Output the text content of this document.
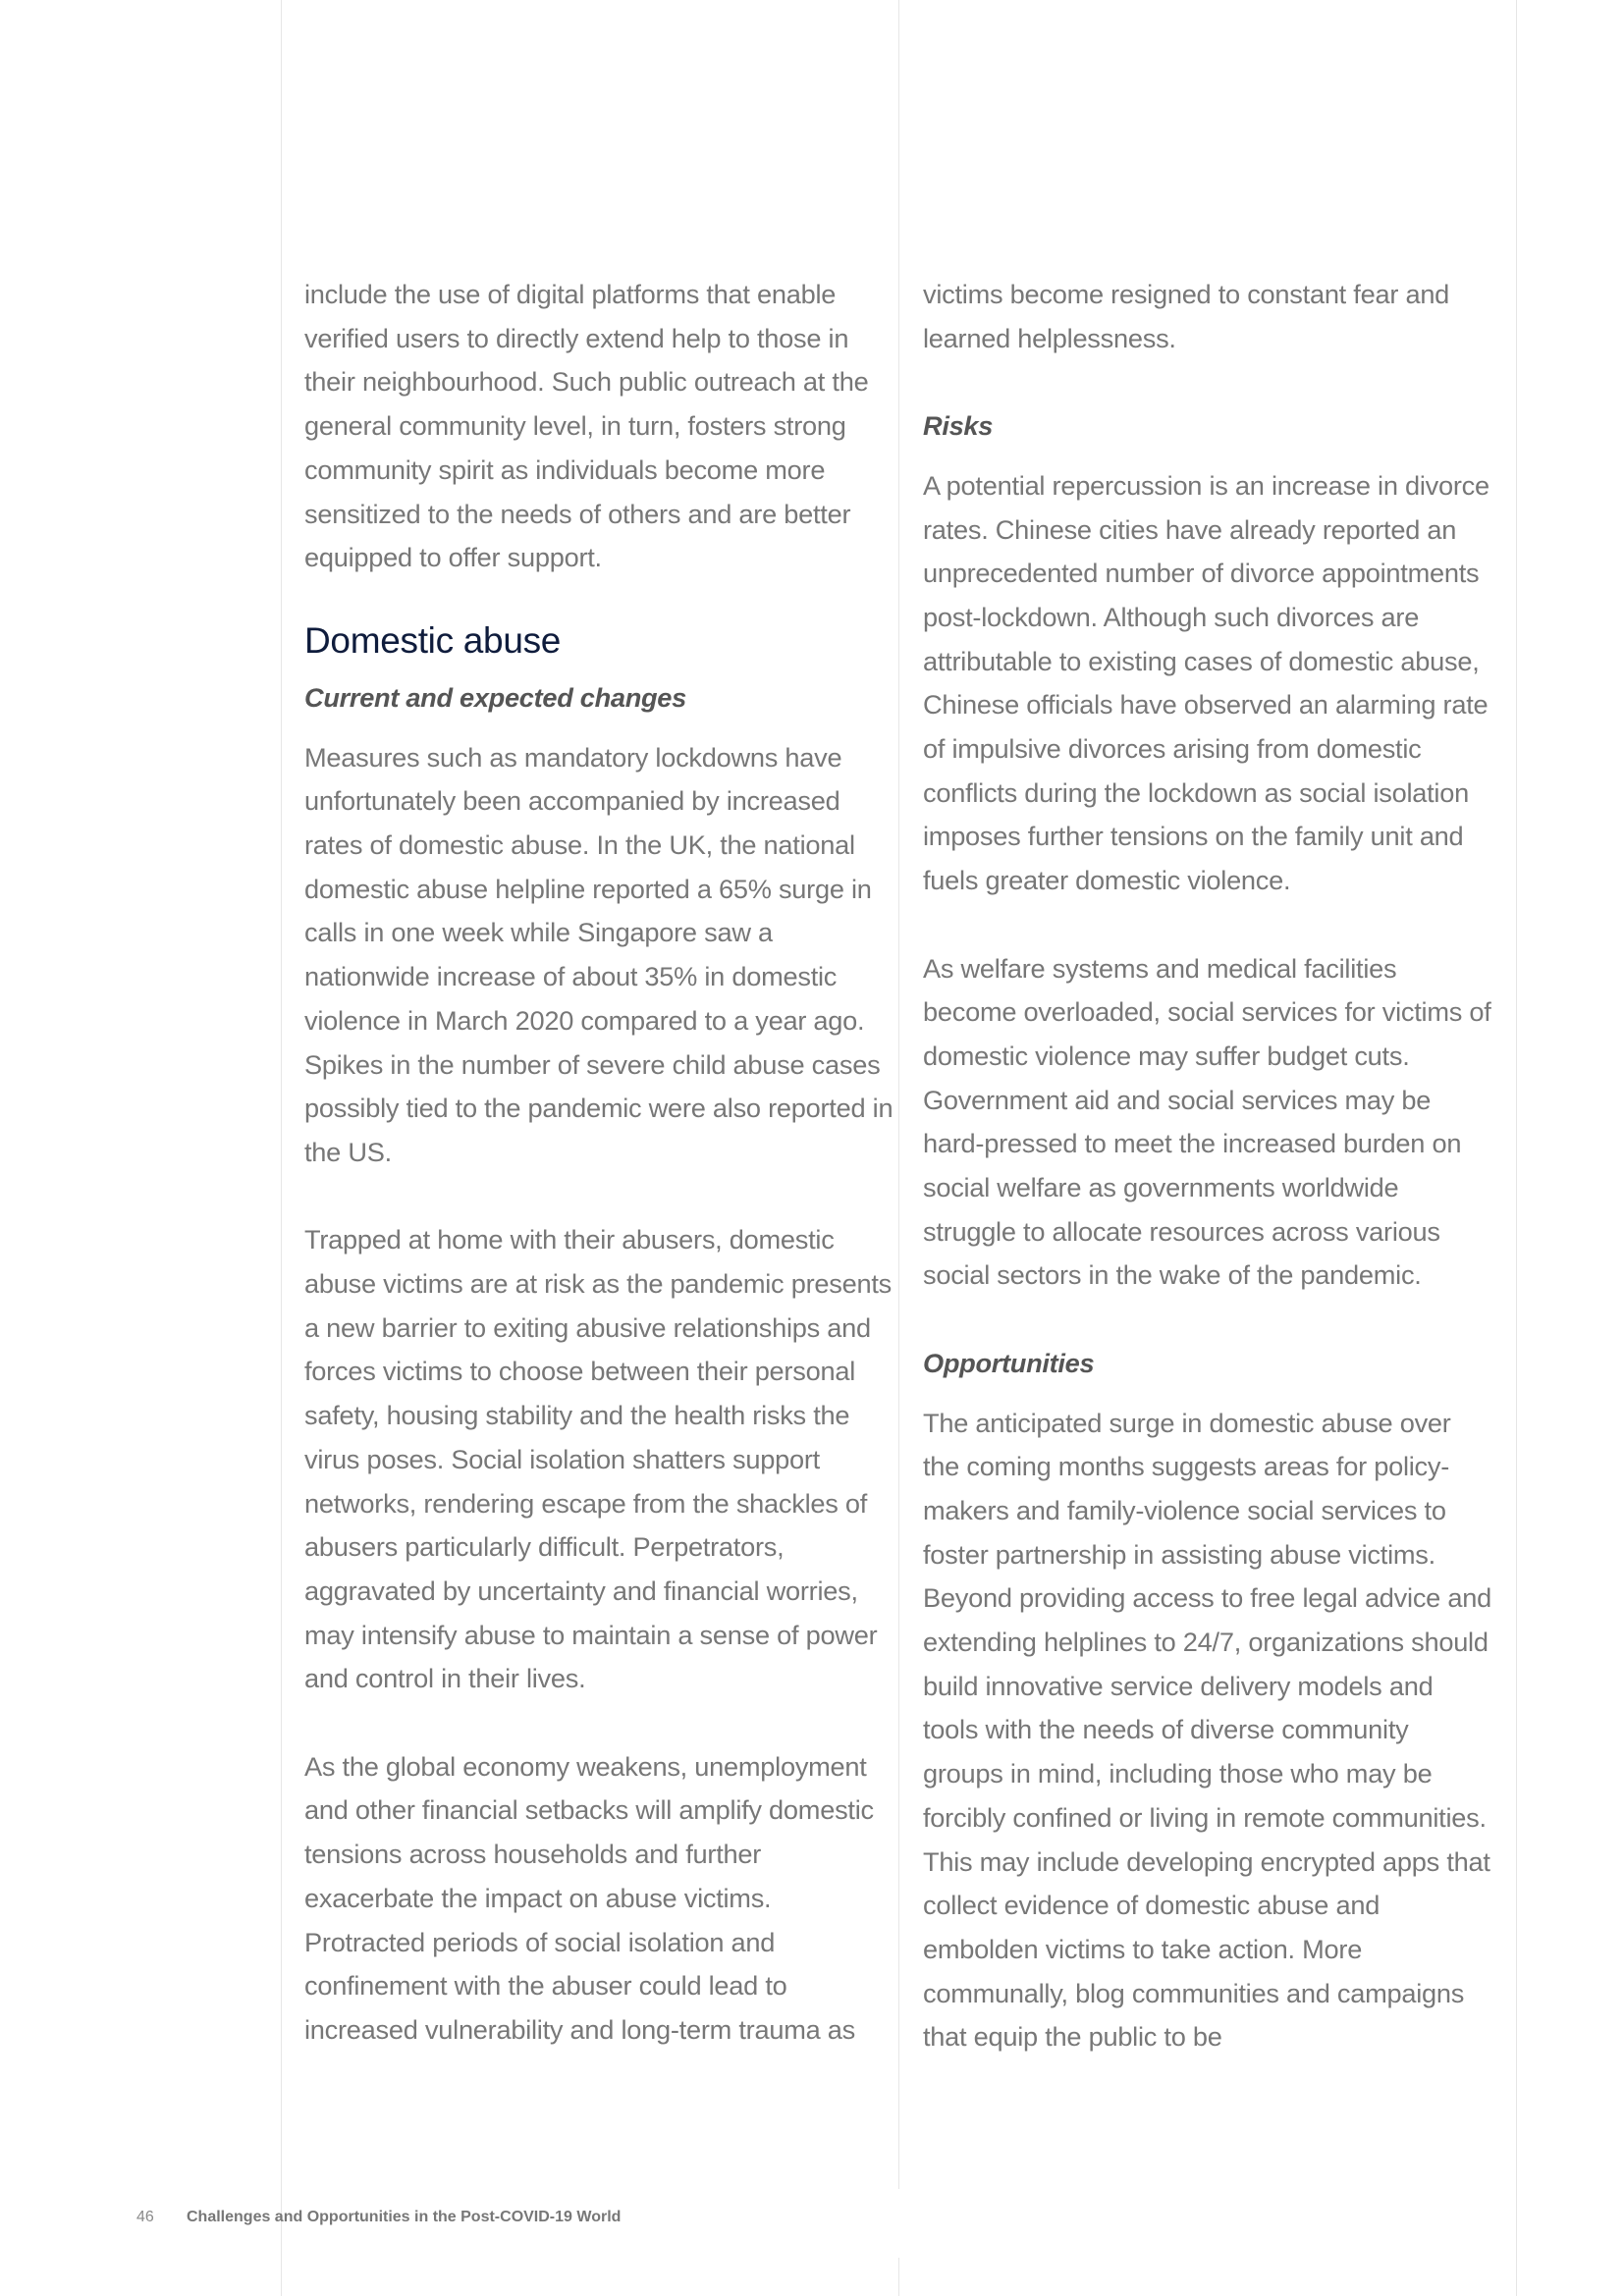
include the use of digital platforms that enable verified users to directly extend help to those in their neighbourhood. Such public outreach at the general community level, in turn, fosters strong community spirit as individuals become more sensitized to the needs of others and are better equipped to offer support.

Domestic abuse
Current and expected changes

Measures such as mandatory lockdowns have unfortunately been accompanied by increased rates of domestic abuse. In the UK, the national domestic abuse helpline reported a 65% surge in calls in one week while Singapore saw a nationwide increase of about 35% in domestic violence in March 2020 compared to a year ago. Spikes in the number of severe child abuse cases possibly tied to the pandemic were also reported in the US.

Trapped at home with their abusers, domestic abuse victims are at risk as the pandemic presents a new barrier to exiting abusive relationships and forces victims to choose between their personal safety, housing stability and the health risks the virus poses. Social isolation shatters support networks, rendering escape from the shackles of abusers particularly difficult. Perpetrators, aggravated by uncertainty and financial worries, may intensify abuse to maintain a sense of power and control in their lives.

As the global economy weakens, unemployment and other financial setbacks will amplify domestic tensions across households and further exacerbate the impact on abuse victims. Protracted periods of social isolation and confinement with the abuser could lead to increased vulnerability and long-term trauma as

victims become resigned to constant fear and learned helplessness.

Risks

A potential repercussion is an increase in divorce rates. Chinese cities have already reported an unprecedented number of divorce appointments post-lockdown. Although such divorces are attributable to existing cases of domestic abuse, Chinese officials have observed an alarming rate of impulsive divorces arising from domestic conflicts during the lockdown as social isolation imposes further tensions on the family unit and fuels greater domestic violence.

As welfare systems and medical facilities become overloaded, social services for victims of domestic violence may suffer budget cuts. Government aid and social services may be hard-pressed to meet the increased burden on social welfare as governments worldwide struggle to allocate resources across various social sectors in the wake of the pandemic.

Opportunities

The anticipated surge in domestic abuse over the coming months suggests areas for policy-makers and family-violence social services to foster partnership in assisting abuse victims. Beyond providing access to free legal advice and extending helplines to 24/7, organizations should build innovative service delivery models and tools with the needs of diverse community groups in mind, including those who may be forcibly confined or living in remote communities. This may include developing encrypted apps that collect evidence of domestic abuse and embolden victims to take action. More communally, blog communities and campaigns that equip the public to be

46 Challenges and Opportunities in the Post-COVID-19 World
